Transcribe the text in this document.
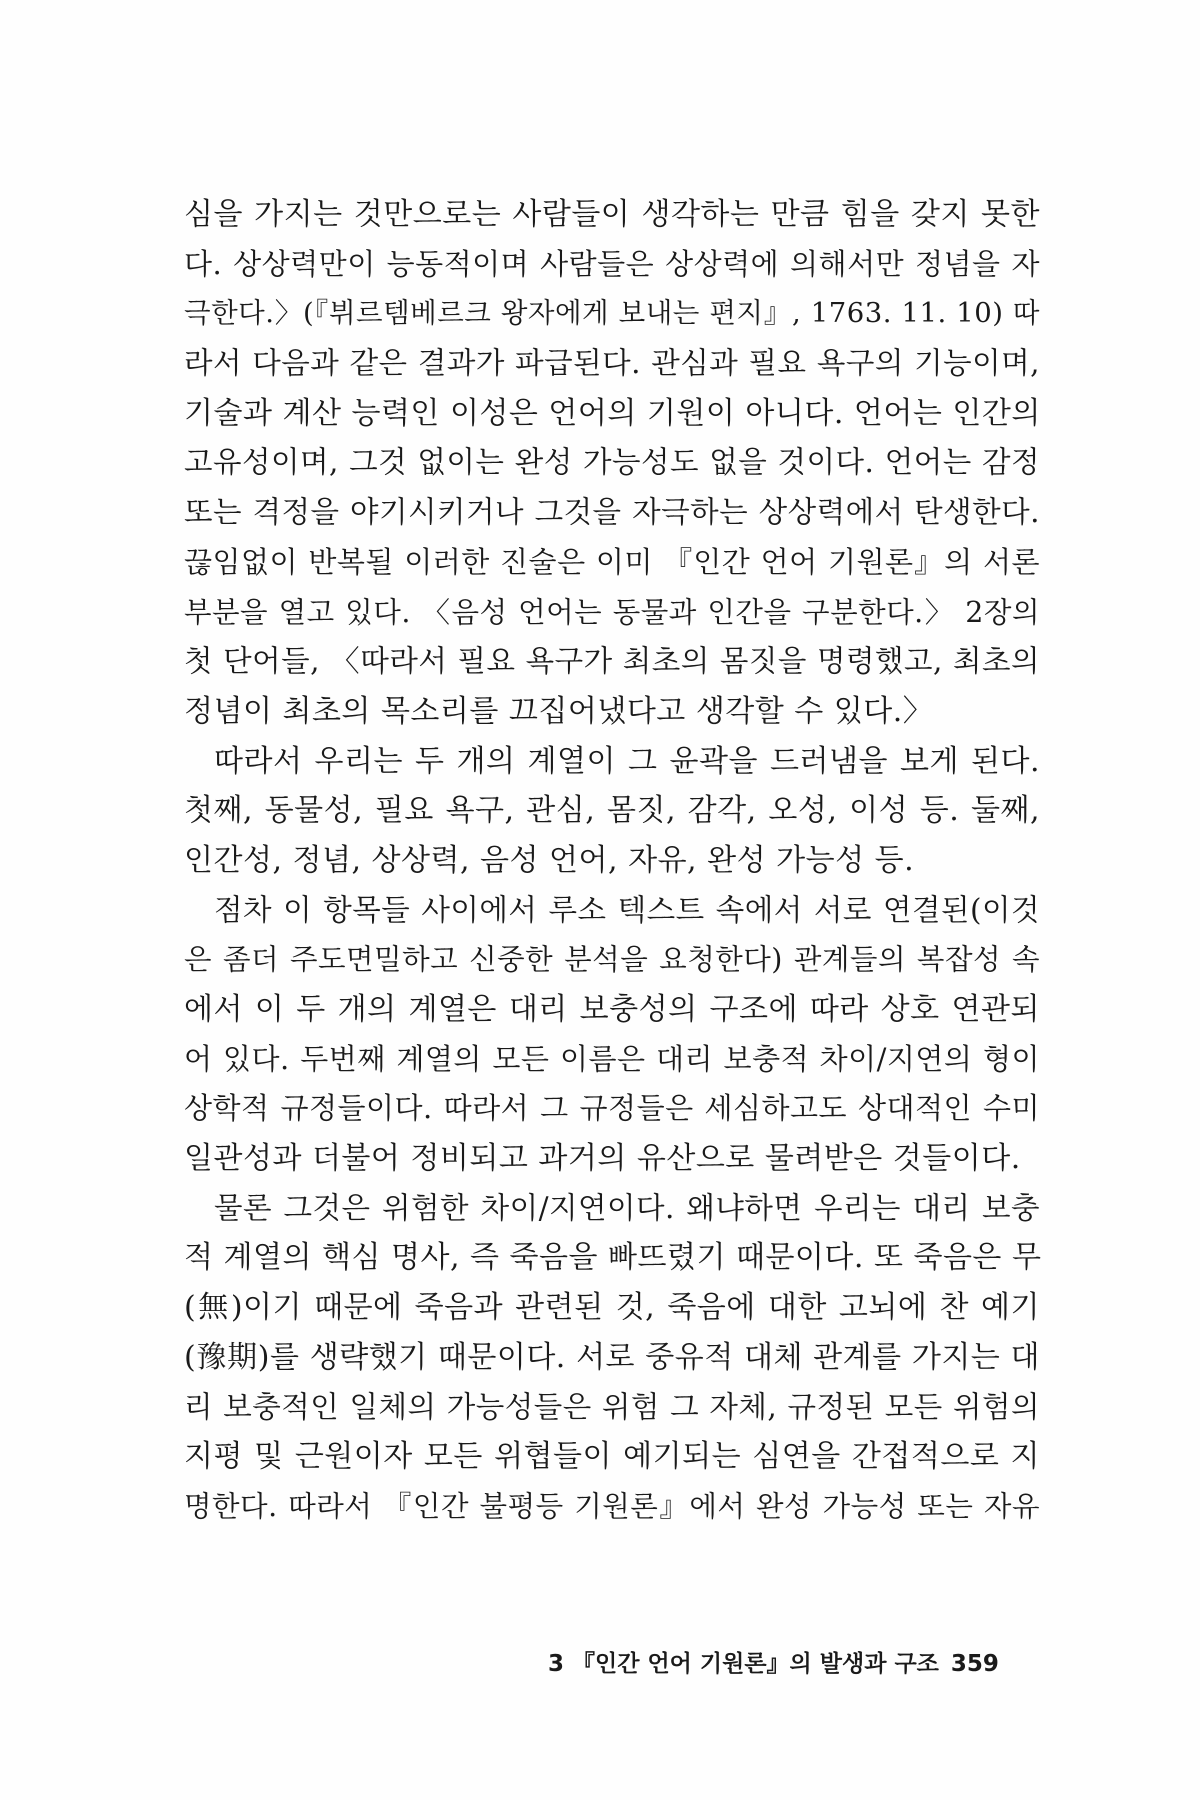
심을 가지는 것만으로는 사람들이 생각하는 만큼 힘을 갖지 못한
다. 상상력만이 능동적이며 사람들은 상상력에 의해서만 정념을 자
극한다.〉(『뷔르템베르크 왕자에게 보내는 편지』, 1763. 11. 10) 따
라서 다음과 같은 결과가 파급된다. 관심과 필요 욕구의 기능이며,
기술과 계산 능력인 이성은 언어의 기원이 아니다. 언어는 인간의
고유성이며, 그것 없이는 완성 가능성도 없을 것이다. 언어는 감정
또는 격정을 야기시키거나 그것을 자극하는 상상력에서 탄생한다.
끊임없이 반복될 이러한 진술은 이미 『인간 언어 기원론』의 서론
부분을 열고 있다. 〈음성 언어는 동물과 인간을 구분한다.〉 2장의
첫 단어들, 〈따라서 필요 욕구가 최초의 몸짓을 명령했고, 최초의
정념이 최초의 목소리를 끄집어냈다고 생각할 수 있다.〉
따라서 우리는 두 개의 계열이 그 윤곽을 드러냄을 보게 된다.
첫째, 동물성, 필요 욕구, 관심, 몸짓, 감각, 오성, 이성 등. 둘째,
인간성, 정념, 상상력, 음성 언어, 자유, 완성 가능성 등.
점차 이 항목들 사이에서 루소 텍스트 속에서 서로 연결된(이것
은 좀더 주도면밀하고 신중한 분석을 요청한다) 관계들의 복잡성 속
에서 이 두 개의 계열은 대리 보충성의 구조에 따라 상호 연관되
어 있다. 두번째 계열의 모든 이름은 대리 보충적 차이/지연의 형이
상학적 규정들이다. 따라서 그 규정들은 세심하고도 상대적인 수미
일관성과 더불어 정비되고 과거의 유산으로 물려받은 것들이다.
물론 그것은 위험한 차이/지연이다. 왜냐하면 우리는 대리 보충
적 계열의 핵심 명사, 즉 죽음을 빠뜨렸기 때문이다. 또 죽음은 무
(無)이기 때문에 죽음과 관련된 것, 죽음에 대한 고뇌에 찬 예기
(豫期)를 생략했기 때문이다. 서로 중유적 대체 관계를 가지는 대
리 보충적인 일체의 가능성들은 위험 그 자체, 규정된 모든 위험의
지평 및 근원이자 모든 위협들이 예기되는 심연을 간접적으로 지
명한다. 따라서 『인간 불평등 기원론』에서 완성 가능성 또는 자유
3 『인간 언어 기원론』의 발생과 구조 359
